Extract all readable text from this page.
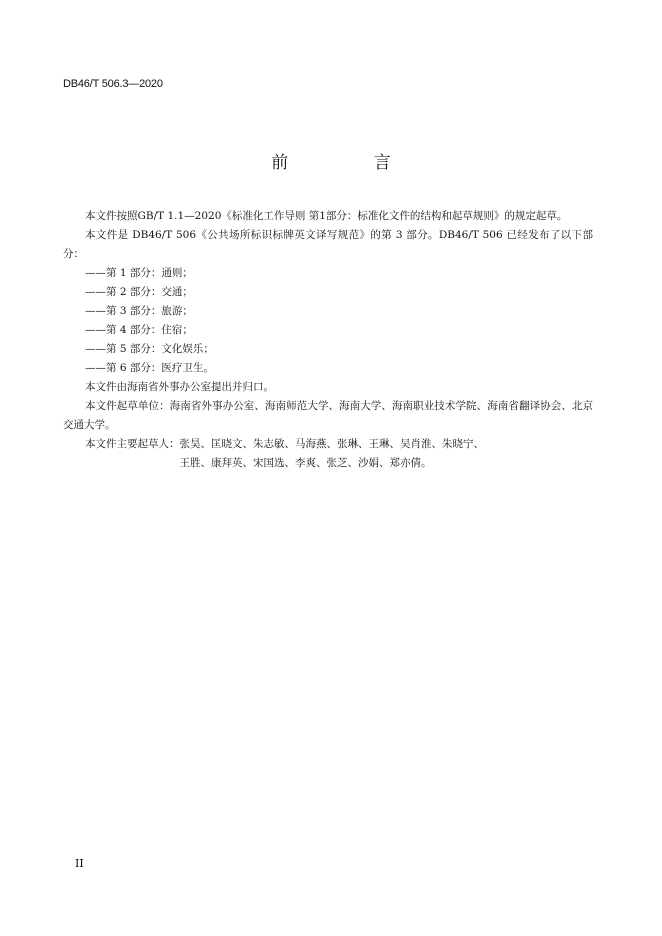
DB46/T 506.3—2020
前 言

本文件按照GB/T 1.1—2020《标准化工作导则 第1部分：标准化文件的结构和起草规则》的规定起草。

本文件是 DB46/T 506《公共场所标识标牌英文译写规范》的第 3 部分。DB46/T 506 已经发布了以下部分：

——第 1 部分：通则；

——第 2 部分：交通；

——第 3 部分：旅游；

——第 4 部分：住宿；

——第 5 部分：文化娱乐；

——第 6 部分：医疗卫生。

本文件由海南省外事办公室提出并归口。

本文件起草单位：海南省外事办公室、海南师范大学、海南大学、海南职业技术学院、海南省翻译协会、北京交通大学。

本文件主要起草人： 张昊、匡晓文、朱志敏、马海燕、张琳、王琳、吴肖淮、朱晓宁、
王胜、康拜英、宋国选、李爽、张芝、沙娟、郑亦倩。
II
